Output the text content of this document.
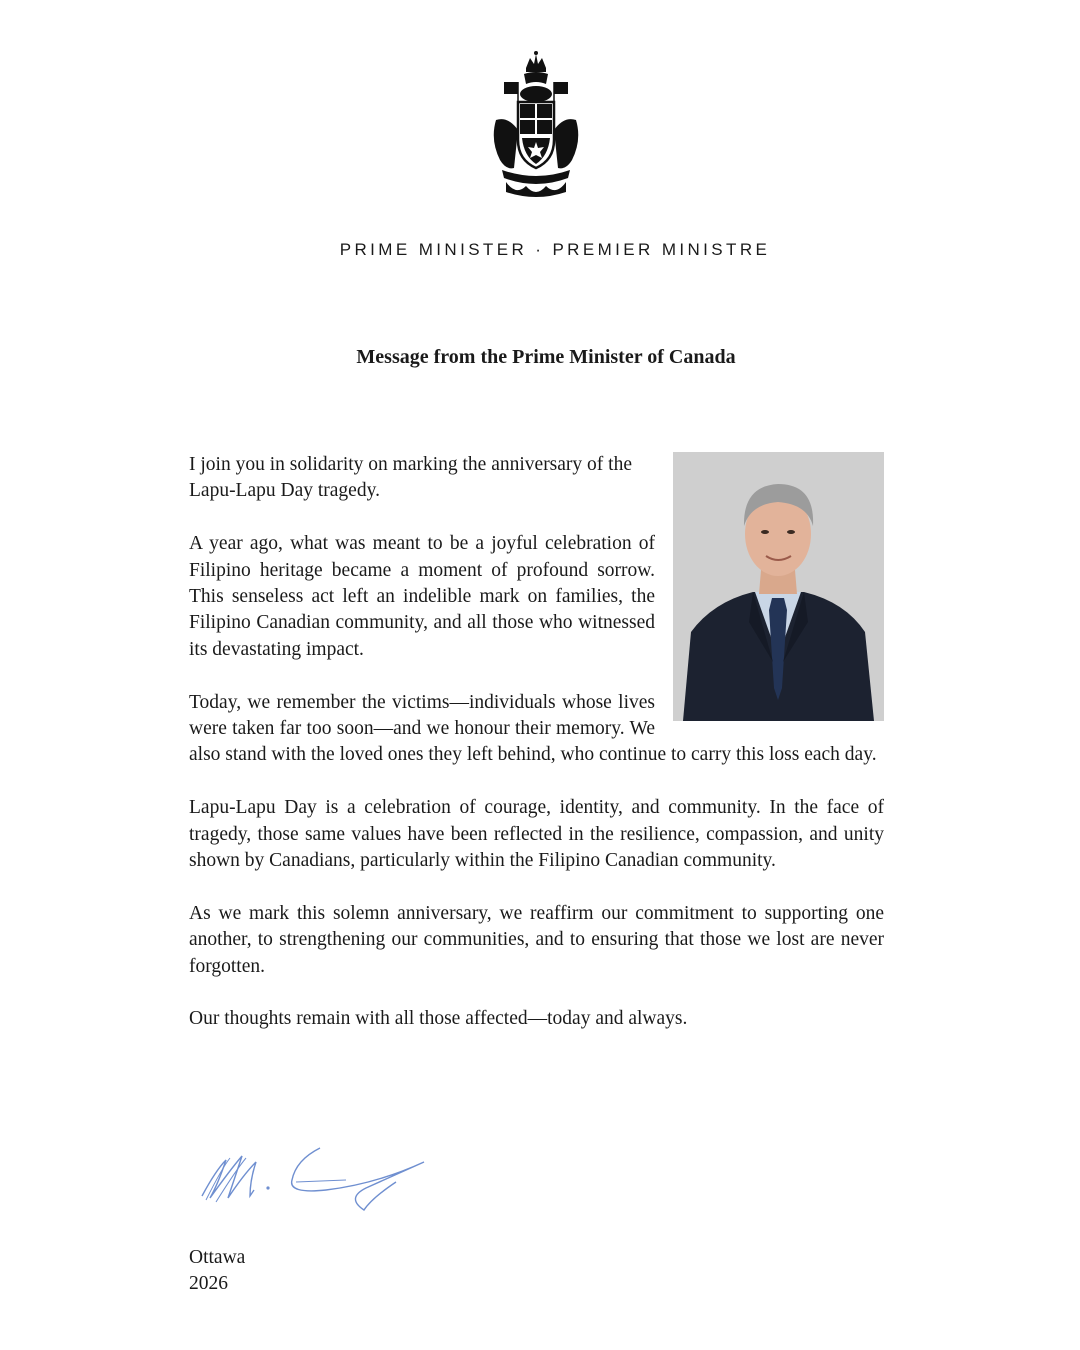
PRIME MINISTER · PREMIER MINISTRE
Message from the Prime Minister of Canada

I join you in solidarity on marking the anniversary of the Lapu-Lapu Day tragedy.

A year ago, what was meant to be a joyful celebration of Filipino heritage became a moment of profound sorrow. This senseless act left an indelible mark on families, the Filipino Canadian community, and all those who witnessed its devastating impact.

Today, we remember the victims—individuals whose lives were taken far too soon—and we honour their memory. We also stand with the loved ones they left behind, who continue to carry this loss each day.

Lapu-Lapu Day is a celebration of courage, identity, and community. In the face of tragedy, those same values have been reflected in the resilience, compassion, and unity shown by Canadians, particularly within the Filipino Canadian community.

As we mark this solemn anniversary, we reaffirm our commitment to supporting one another, to strengthening our communities, and to ensuring that those we lost are never forgotten.

Our thoughts remain with all those affected—today and always.

Ottawa
2026
